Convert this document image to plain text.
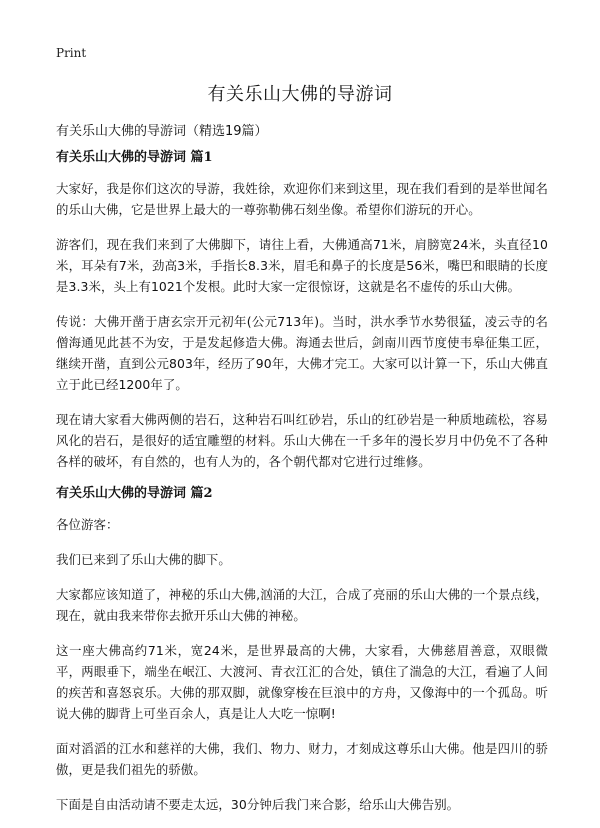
Print
有关乐山大佛的导游词

有关乐山大佛的导游词（精选19篇）

有关乐山大佛的导游词 篇1

大家好，我是你们这次的导游，我姓徐，欢迎你们来到这里，现在我们看到的是举世闻名的乐山大佛，它是世界上最大的一尊弥勒佛石刻坐像。希望你们游玩的开心。

游客们，现在我们来到了大佛脚下，请往上看，大佛通高71米，肩膀宽24米，头直径10米，耳朵有7米，劲高3米，手指长8.3米，眉毛和鼻子的长度是56米，嘴巴和眼睛的长度是3.3米，头上有1021个发根。此时大家一定很惊讶，这就是名不虚传的乐山大佛。

传说：大佛开凿于唐玄宗开元初年(公元713年)。当时，洪水季节水势很猛，凌云寺的名僧海通见此甚不为安，于是发起修造大佛。海通去世后，剑南川西节度使韦皋征集工匠，继续开凿，直到公元803年，经历了90年，大佛才完工。大家可以计算一下，乐山大佛直立于此已经1200年了。

现在请大家看大佛两侧的岩石，这种岩石叫红砂岩，乐山的红砂岩是一种质地疏松，容易风化的岩石，是很好的适宜雕塑的材料。乐山大佛在一千多年的漫长岁月中仍免不了各种各样的破坏，有自然的，也有人为的，各个朝代都对它进行过维修。

有关乐山大佛的导游词 篇2

各位游客：

我们已来到了乐山大佛的脚下。

大家都应该知道了，神秘的乐山大佛,汹涌的大江，合成了亮丽的乐山大佛的一个景点线，现在，就由我来带你去掀开乐山大佛的神秘。

这一座大佛高约71米，宽24米，是世界最高的大佛，大家看，大佛慈眉善意，双眼微平，两眼垂下，端坐在岷江、大渡河、青衣江汇的合处，镇住了湍急的大江，看遍了人间的疾苦和喜怒哀乐。大佛的那双脚，就像穿梭在巨浪中的方舟，又像海中的一个孤岛。听说大佛的脚背上可坐百余人，真是让人大吃一惊啊!

面对滔滔的江水和慈祥的大佛，我们、物力、财力，才刻成这尊乐山大佛。他是四川的骄傲，更是我们祖先的骄傲。

下面是自由活动请不要走太远，30分钟后我门来合影，给乐山大佛告别。
